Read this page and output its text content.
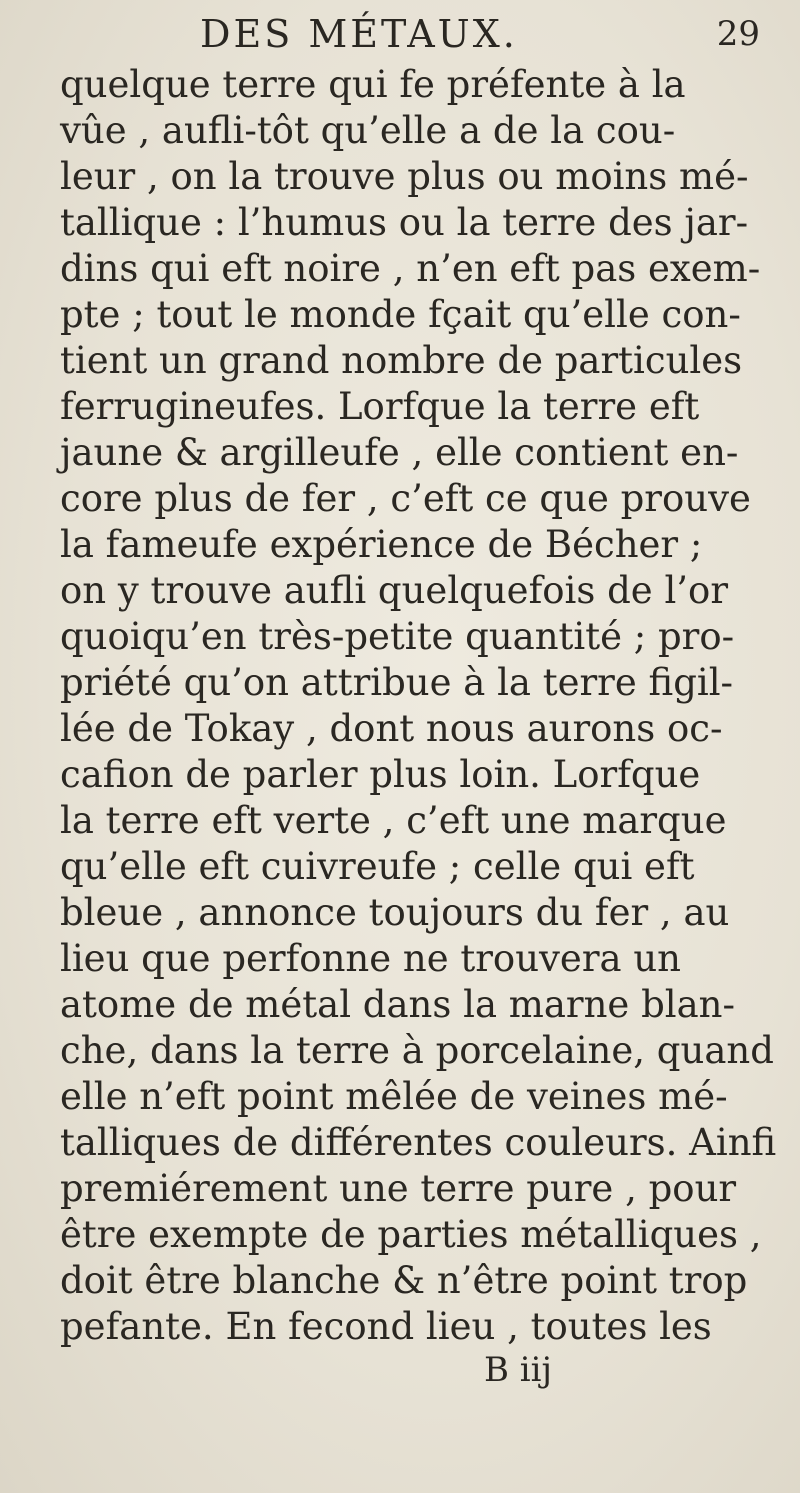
DES MÉTAUX.	29
quelque terre qui fe préfente à la
vûe , aufli-tôt qu’elle a de la cou-
leur , on la trouve plus ou moins mé-
tallique : l’humus ou la terre des jar-
dins qui eft noire , n’en eft pas exem-
pte ; tout le monde fçait qu’elle con-
tient un grand nombre de particules
ferrugineufes. Lorfque la terre eft
jaune & argilleufe , elle contient en-
core plus de fer , c’eft ce que prouve
la fameufe expérience de Bécher ;
on y trouve aufli quelquefois de l’or
quoiqu’en très-petite quantité ; pro-
priété qu’on attribue à la terre figil-
lée de Tokay , dont nous aurons oc-
cafion de parler plus loin. Lorfque
la terre eft verte , c’eft une marque
qu’elle eft cuivreufe ; celle qui eft
bleue , annonce toujours du fer , au
lieu que perfonne ne trouvera un
atome de métal dans la marne blan-
che, dans la terre à porcelaine, quand
elle n’eft point mêlée de veines mé-
talliques de différentes couleurs. Ainfi
premiérement une terre pure , pour
être exempte de parties métalliques ,
doit être blanche & n’être point trop
pefante. En fecond lieu , toutes les
B iij
